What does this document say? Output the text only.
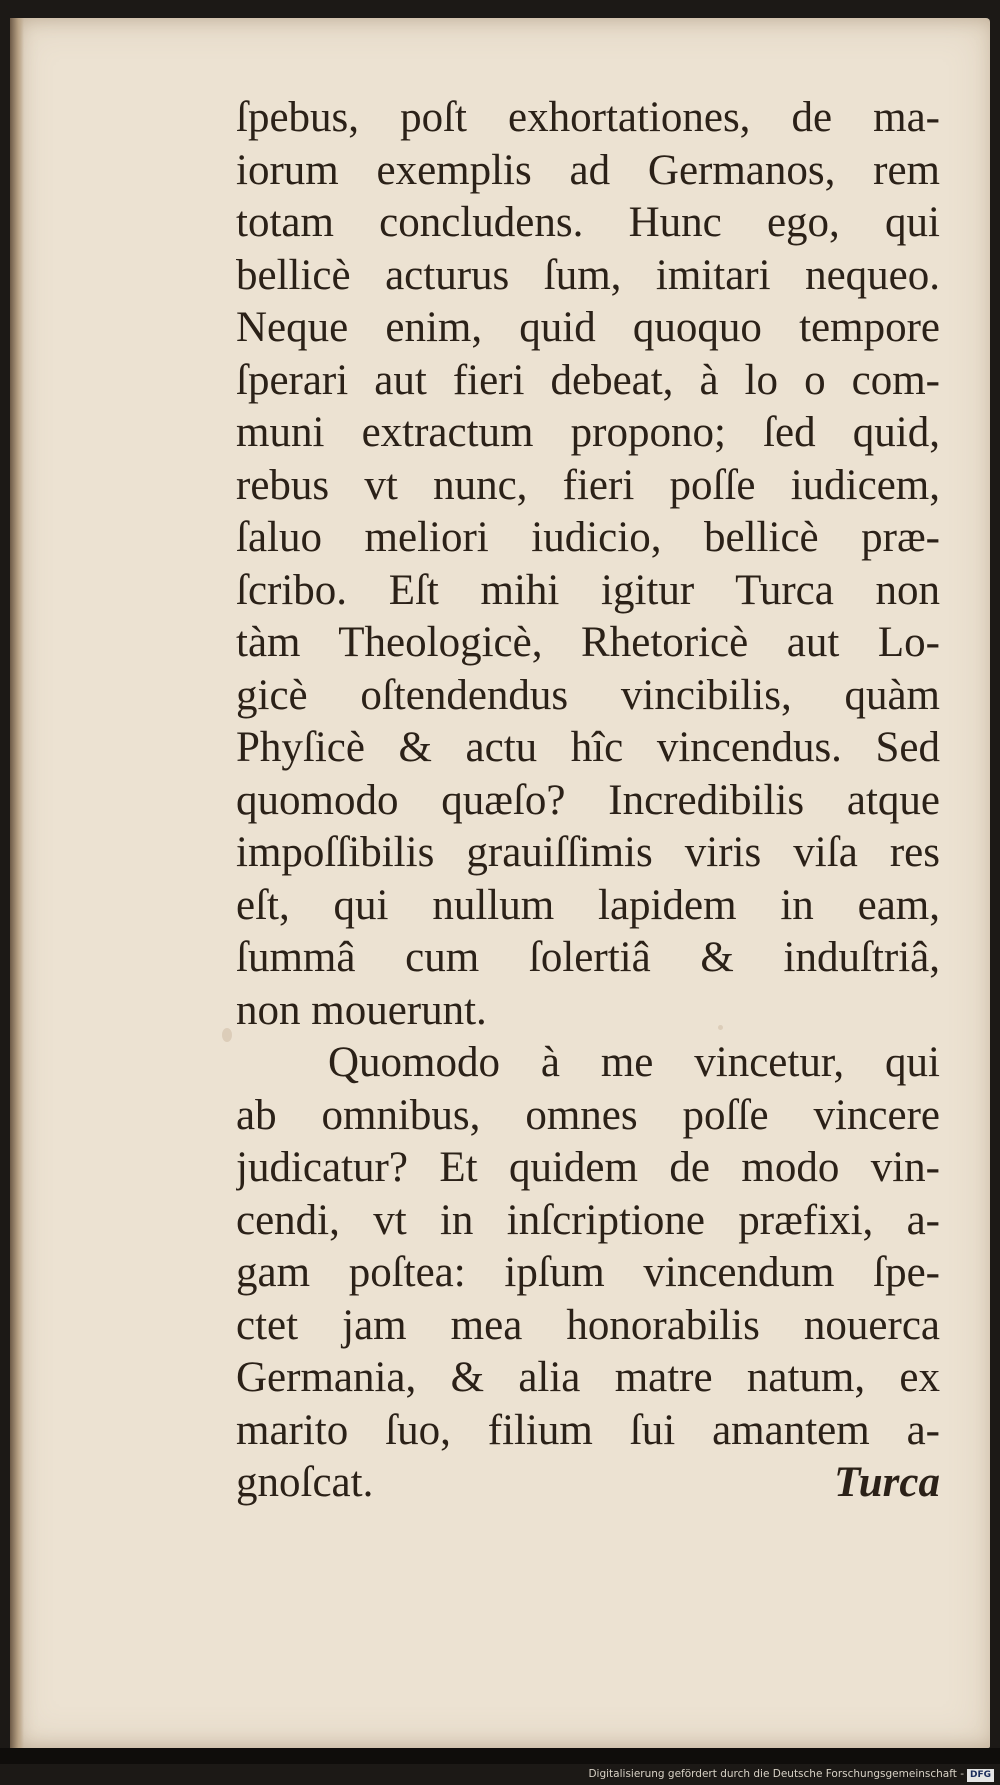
ſpebus, poſt exhortationes, de ma-
iorum exemplis ad Germanos, rem
totam concludens. Hunc ego, qui
bellicè acturus ſum, imitari nequeo.
Neque enim, quid quoquo tempore
ſperari aut fieri debeat, à lo o com-
muni extractum propono; ſed quid,
rebus vt nunc, fieri poſſe iudicem,
ſaluo meliori iudicio, bellicè præ-
ſcribo. Eſt mihi igitur Turca non
tàm Theologicè, Rhetoricè aut Lo-
gicè oſtendendus vincibilis, quàm
Phyſicè & actu hîc vincendus. Sed
quomodo quæſo? Incredibilis atque
impoſſibilis grauiſſimis viris viſa res
eſt, qui nullum lapidem in eam,
ſummâ cum ſolertiâ & induſtriâ,
non mouerunt.
Quomodo à me vincetur, qui
ab omnibus, omnes poſſe vincere
judicatur? Et quidem de modo vin-
cendi, vt in inſcriptione præfixi, a-
gam poſtea: ipſum vincendum ſpe-
ctet jam mea honorabilis nouerca
Germania, & alia matre natum, ex
marito ſuo, filium ſui amantem a-
gnoſcat.	Turca
Digitalisierung gefördert durch die Deutsche Forschungsgemeinschaft - DFG
